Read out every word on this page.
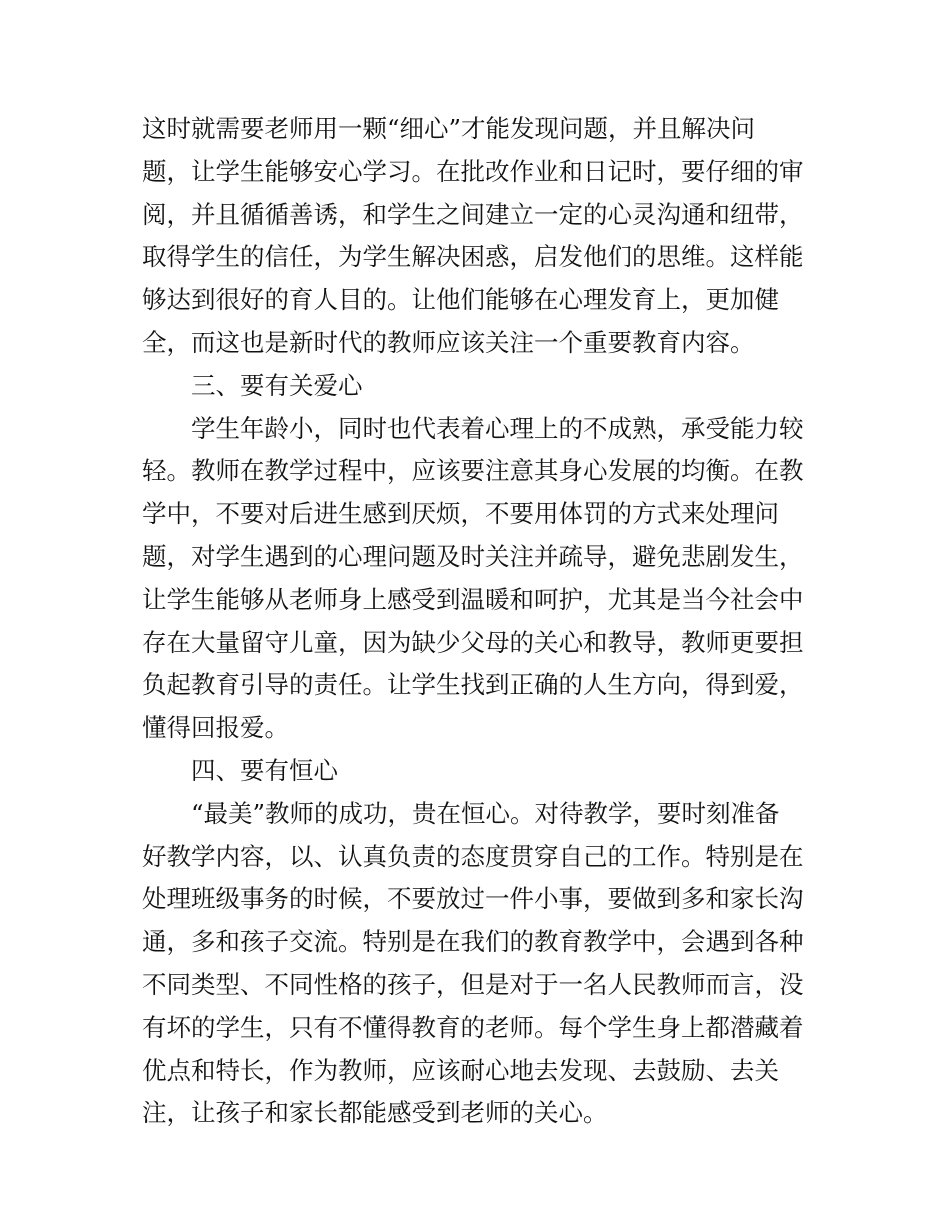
这时就需要老师用一颗“细心”才能发现问题，并且解决问
题，让学生能够安心学习。在批改作业和日记时，要仔细的审
阅，并且循循善诱，和学生之间建立一定的心灵沟通和纽带，
取得学生的信任，为学生解决困惑，启发他们的思维。这样能
够达到很好的育人目的。让他们能够在心理发育上，更加健
全，而这也是新时代的教师应该关注一个重要教育内容。
三、要有关爱心
学生年龄小，同时也代表着心理上的不成熟，承受能力较
轻。教师在教学过程中，应该要注意其身心发展的均衡。在教
学中，不要对后进生感到厌烦，不要用体罚的方式来处理问
题，对学生遇到的心理问题及时关注并疏导，避免悲剧发生，
让学生能够从老师身上感受到温暖和呵护，尤其是当今社会中
存在大量留守儿童，因为缺少父母的关心和教导，教师更要担
负起教育引导的责任。让学生找到正确的人生方向，得到爱，
懂得回报爱。
四、要有恒心
“最美”教师的成功，贵在恒心。对待教学，要时刻准备
好教学内容，以、认真负责的态度贯穿自己的工作。特别是在
处理班级事务的时候，不要放过一件小事，要做到多和家长沟
通，多和孩子交流。特别是在我们的教育教学中，会遇到各种
不同类型、不同性格的孩子，但是对于一名人民教师而言，没
有坏的学生，只有不懂得教育的老师。每个学生身上都潜藏着
优点和特长，作为教师，应该耐心地去发现、去鼓励、去关
注，让孩子和家长都能感受到老师的关心。
